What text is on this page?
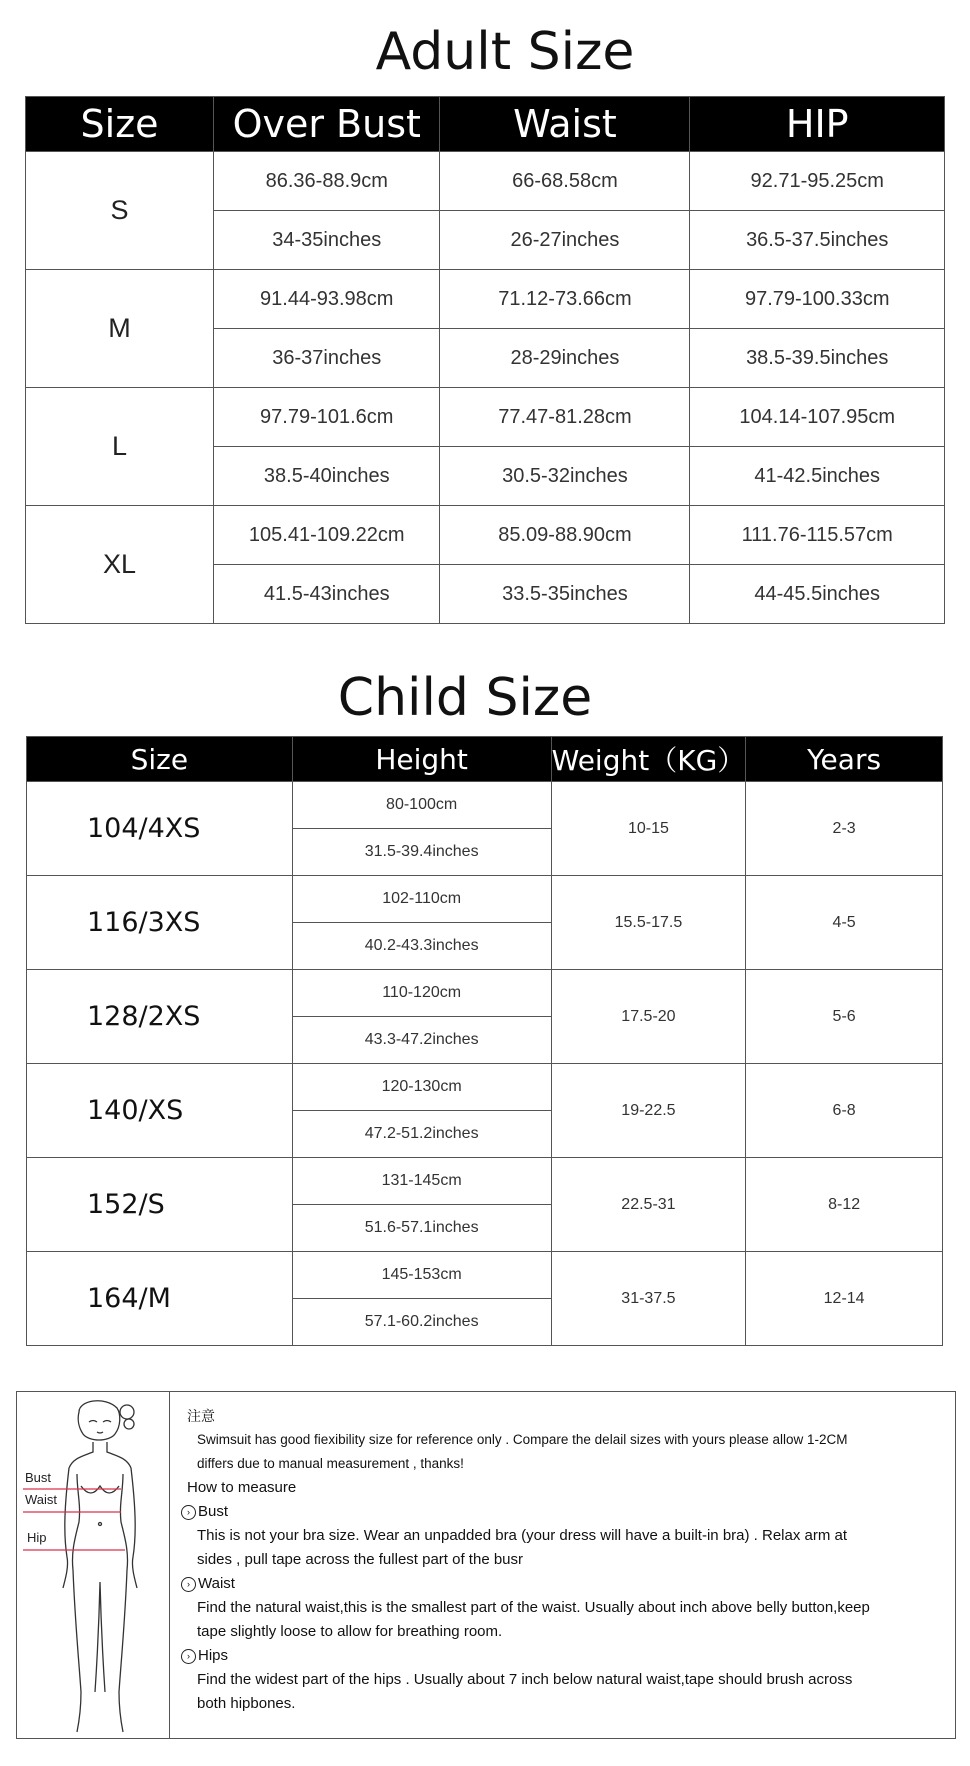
Adult Size
Size	Over Bust	Waist	HIP
S	86.36-88.9cm	66-68.58cm	92.71-95.25cm
	34-35inches	26-27inches	36.5-37.5inches
M	91.44-93.98cm	71.12-73.66cm	97.79-100.33cm
	36-37inches	28-29inches	38.5-39.5inches
L	97.79-101.6cm	77.47-81.28cm	104.14-107.95cm
	38.5-40inches	30.5-32inches	41-42.5inches
XL	105.41-109.22cm	85.09-88.90cm	111.76-115.57cm
	41.5-43inches	33.5-35inches	44-45.5inches
Child Size
Size	Height	Weight（KG）	Years
104/4XS	80-100cm	10-15	2-3
	31.5-39.4inches		
116/3XS	102-110cm	15.5-17.5	4-5
	40.2-43.3inches		
128/2XS	110-120cm	17.5-20	5-6
	43.3-47.2inches		
140/XS	120-130cm	19-22.5	6-8
	47.2-51.2inches		
152/S	131-145cm	22.5-31	8-12
	51.6-57.1inches		
164/M	145-153cm	31-37.5	12-14
	57.1-60.2inches		
Bust
Waist
Hip
注意
Swimsuit has good fiexibility size for reference only . Compare the delail sizes with yours please allow 1-2CM
differs due to manual measurement , thanks!
How to measure
› Bust
This is not your bra size. Wear an unpadded bra (your dress will have a built-in bra) . Relax arm at
sides , pull tape across the fullest part of the busr
› Waist
Find the natural waist,this is the smallest part of the waist. Usually about inch above belly button,keep
tape slightly loose to allow for breathing room.
› Hips
Find the widest part of the hips . Usually about 7 inch below natural waist,tape should brush across
both hipbones.
